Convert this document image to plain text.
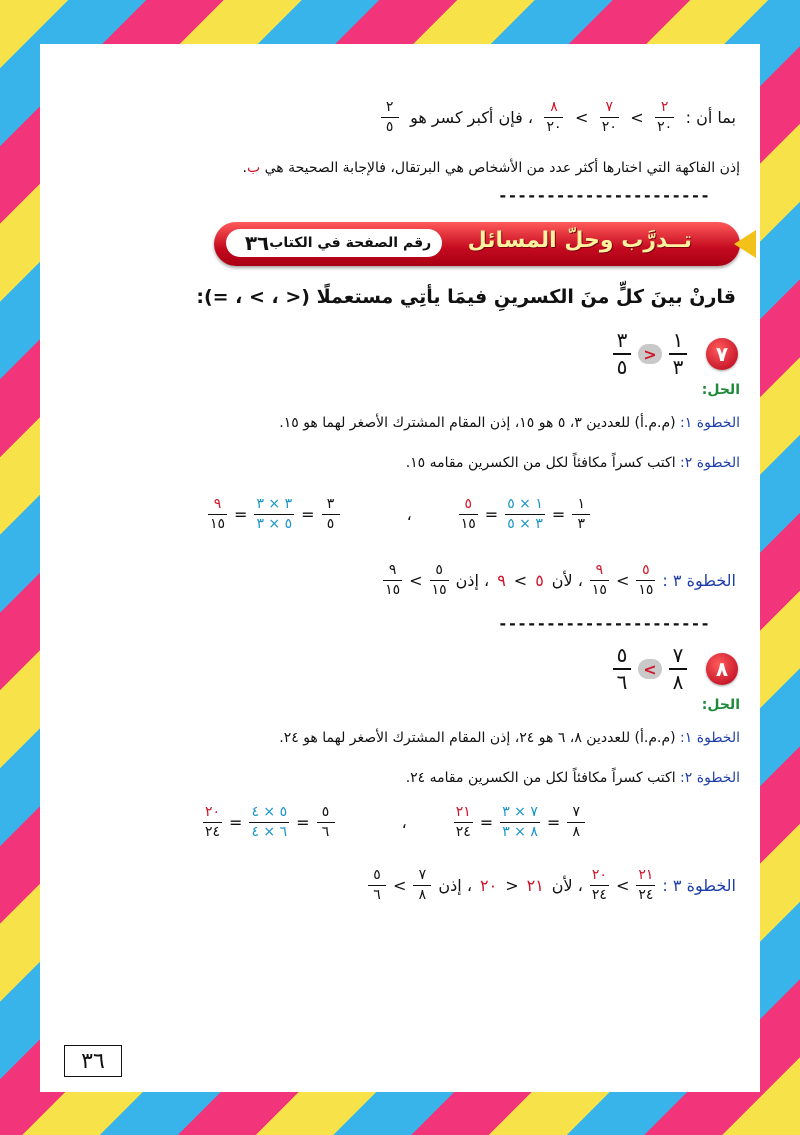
$\frac{٢}{٥}$ ، فإن أكبر كسر هو $\frac{٨}{٢٠} < \frac{٧}{٢٠} < \frac{٢}{٢٠}$ بما أن :
إذن الفاكهة التي اختارها أكثر عدد من الأشخاص هي البرتقال، فالإجابة الصحيحة هي ب.
----------------------
رقم الصفحة في الكتاب
٣٦	تــدرَّب وحلّ المسائل
قارنْ بينَ كلٍّ منَ الكسرينِ فيمَا يأتِي مستعملًا (< ، > ، =):
$\frac{٣}{٥} > \frac{١}{٣}$	٧
الحل:
الخطوة ١: (م.م.أ) للعددين ٣، ٥ هو ١٥، إذن المقام المشترك الأصغر لهما هو ١٥.
الخطوة ٢: اكتب كسراً مكافئاً لكل من الكسرين مقامه ١٥.
$\frac{٩}{١٥} = \frac{٣ \times ٣}{٥ \times ٣} = \frac{٣}{٥}$	،	$\frac{٥}{١٥} = \frac{١ \times ٥}{٣ \times ٥} = \frac{١}{٣}$
$\frac{٩}{١٥} < \frac{٥}{١٥}$ ، إذن ٩ < ٥ ، لأن $\frac{٩}{١٥} < \frac{٥}{١٥}$ الخطوة ٣ :
----------------------
$\frac{٥}{٦} < \frac{٧}{٨}$	٨
الحل:
الخطوة ١: (م.م.أ) للعددين ٨، ٦ هو ٢٤، إذن المقام المشترك الأصغر لهما هو ٢٤.
الخطوة ٢: اكتب كسراً مكافئاً لكل من الكسرين مقامه ٢٤.
$\frac{٢٠}{٢٤} = \frac{٥ \times ٤}{٦ \times ٤} = \frac{٥}{٦}$	،	$\frac{٢١}{٢٤} = \frac{٧ \times ٣}{٨ \times ٣} = \frac{٧}{٨}$
$\frac{٥}{٦} < \frac{٧}{٨}$ ، إذن ٢٠ > ٢١ ، لأن $\frac{٢٠}{٢٤} < \frac{٢١}{٢٤}$ الخطوة ٣ :
٣٦
